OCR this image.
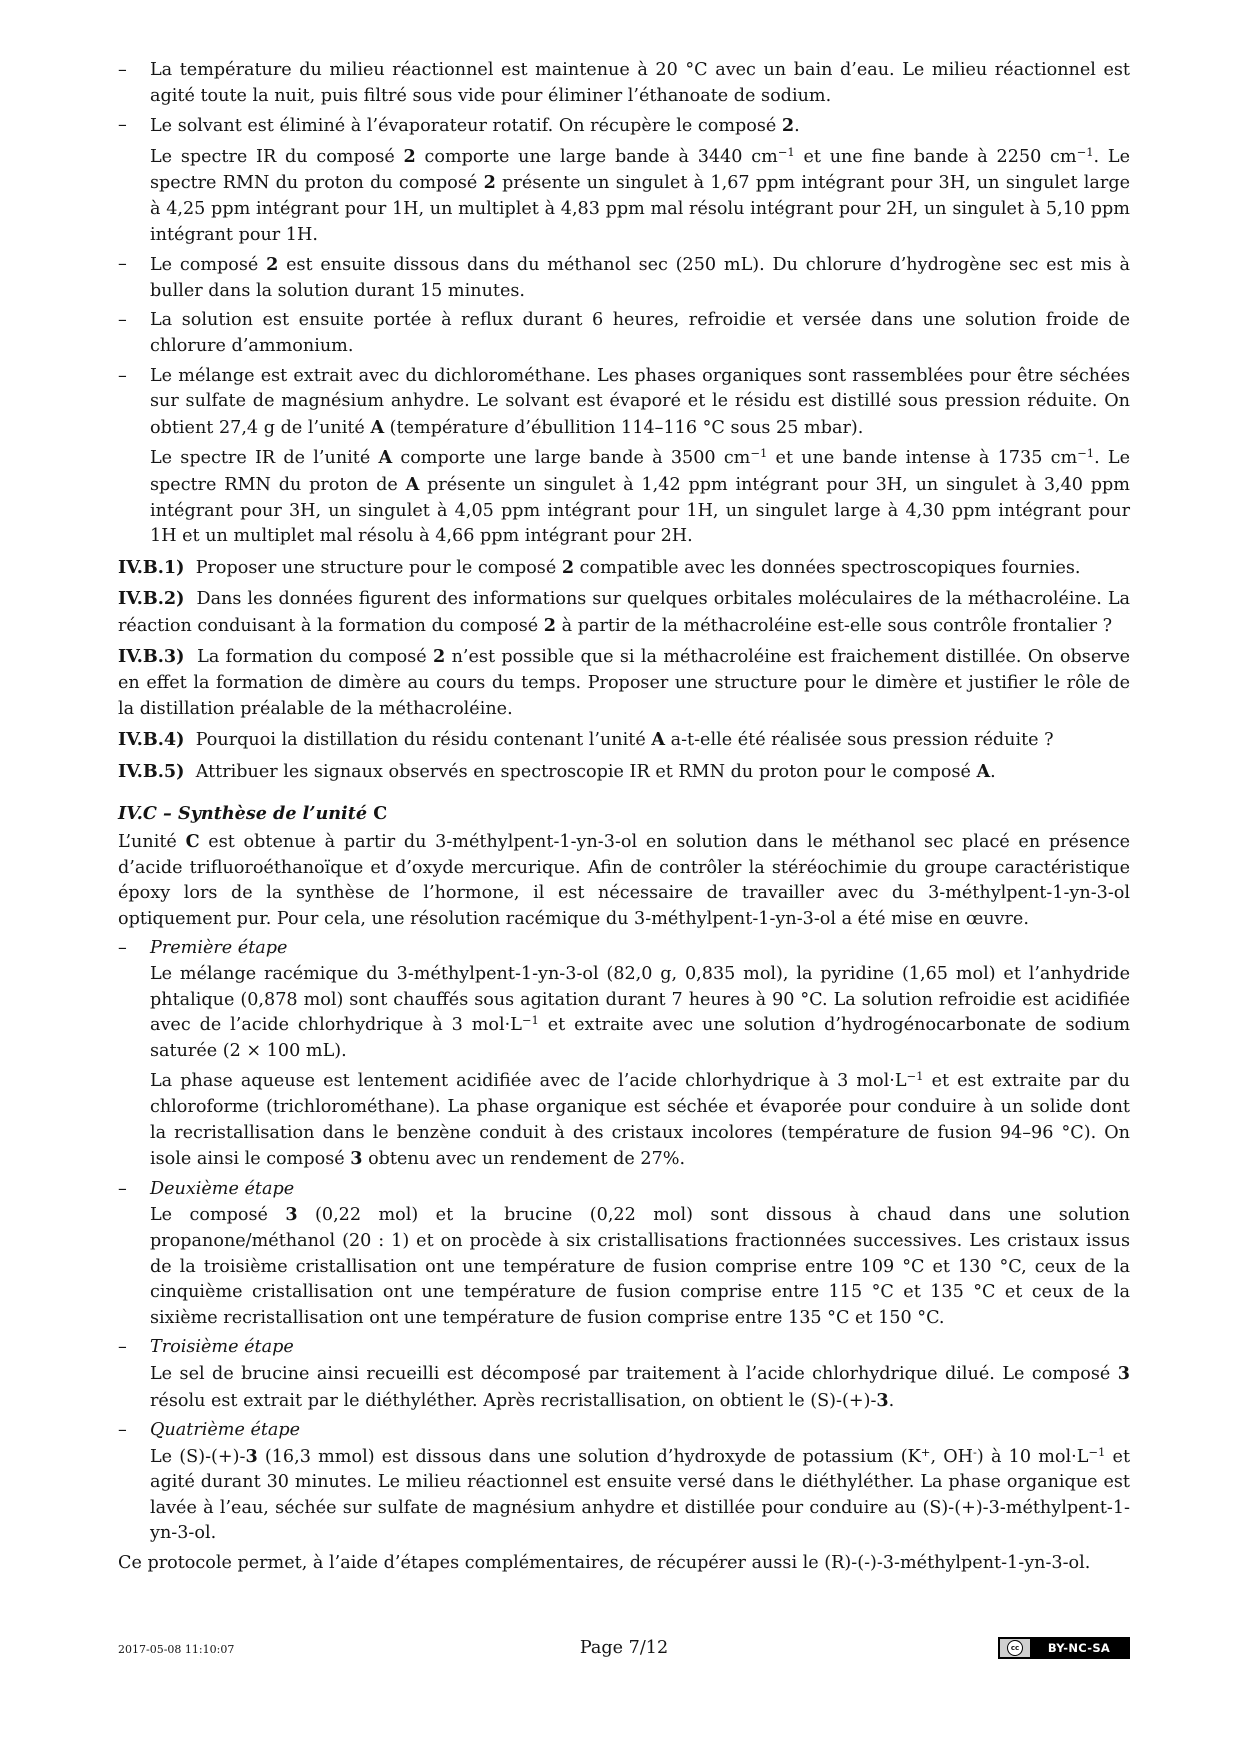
– La température du milieu réactionnel est maintenue à 20 °C avec un bain d’eau. Le milieu réactionnel est agité toute la nuit, puis filtré sous vide pour éliminer l’éthanoate de sodium.

– Le solvant est éliminé à l’évaporateur rotatif. On récupère le composé 2.

Le spectre IR du composé 2 comporte une large bande à 3440 $cm^{-1}$ et une fine bande à 2250 $cm^{-1}$. Le spectre RMN du proton du composé 2 présente un singulet à 1,67 ppm intégrant pour 3H, un singulet large à 4,25 ppm intégrant pour 1H, un multiplet à 4,83 ppm mal résolu intégrant pour 2H, un singulet à 5,10 ppm intégrant pour 1H.

– Le composé 2 est ensuite dissous dans du méthanol sec (250 mL). Du chlorure d’hydrogène sec est mis à buller dans la solution durant 15 minutes.

– La solution est ensuite portée à reflux durant 6 heures, refroidie et versée dans une solution froide de chlorure d’ammonium.

– Le mélange est extrait avec du dichlorométhane. Les phases organiques sont rassemblées pour être séchées sur sulfate de magnésium anhydre. Le solvant est évaporé et le résidu est distillé sous pression réduite. On obtient 27,4 g de l’unité A (température d’ébullition 114–116 °C sous 25 mbar).

Le spectre IR de l’unité A comporte une large bande à 3500 $cm^{-1}$ et une bande intense à 1735 $cm^{-1}$. Le spectre RMN du proton de A présente un singulet à 1,42 ppm intégrant pour 3H, un singulet à 3,40 ppm intégrant pour 3H, un singulet à 4,05 ppm intégrant pour 1H, un singulet large à 4,30 ppm intégrant pour 1H et un multiplet mal résolu à 4,66 ppm intégrant pour 2H.

IV.B.1) Proposer une structure pour le composé 2 compatible avec les données spectroscopiques fournies.

IV.B.2) Dans les données figurent des informations sur quelques orbitales moléculaires de la méthacroléine. La réaction conduisant à la formation du composé 2 à partir de la méthacroléine est-elle sous contrôle frontalier ?

IV.B.3) La formation du composé 2 n’est possible que si la méthacroléine est fraichement distillée. On observe en effet la formation de dimère au cours du temps. Proposer une structure pour le dimère et justifier le rôle de la distillation préalable de la méthacroléine.

IV.B.4) Pourquoi la distillation du résidu contenant l’unité A a-t-elle été réalisée sous pression réduite ?

IV.B.5) Attribuer les signaux observés en spectroscopie IR et RMN du proton pour le composé A.

IV.C – Synthèse de l’unité C

L’unité C est obtenue à partir du 3-méthylpent-1-yn-3-ol en solution dans le méthanol sec placé en présence d’acide trifluoroéthanoïque et d’oxyde mercurique. Afin de contrôler la stéréochimie du groupe caractéristique époxy lors de la synthèse de l’hormone, il est nécessaire de travailler avec du 3-méthylpent-1-yn-3-ol optiquement pur. Pour cela, une résolution racémique du 3-méthylpent-1-yn-3-ol a été mise en œuvre.

– Première étape

Le mélange racémique du 3-méthylpent-1-yn-3-ol (82,0 g, 0,835 mol), la pyridine (1,65 mol) et l’anhydride phtalique (0,878 mol) sont chauffés sous agitation durant 7 heures à 90 °C. La solution refroidie est acidifiée avec de l’acide chlorhydrique à 3 $mol\cdot L^{-1}$ et extraite avec une solution d’hydrogénocarbonate de sodium saturée (2 × 100 mL).

La phase aqueuse est lentement acidifiée avec de l’acide chlorhydrique à 3 $mol\cdot L^{-1}$ et est extraite par du chloroforme (trichlorométhane). La phase organique est séchée et évaporée pour conduire à un solide dont la recristallisation dans le benzène conduit à des cristaux incolores (température de fusion 94–96 °C). On isole ainsi le composé 3 obtenu avec un rendement de 27%.

– Deuxième étape

Le composé 3 (0,22 mol) et la brucine (0,22 mol) sont dissous à chaud dans une solution propanone/méthanol (20 : 1) et on procède à six cristallisations fractionnées successives. Les cristaux issus de la troisième cristallisation ont une température de fusion comprise entre 109 °C et 130 °C, ceux de la cinquième cristallisation ont une température de fusion comprise entre 115 °C et 135 °C et ceux de la sixième recristallisation ont une température de fusion comprise entre 135 °C et 150 °C.

– Troisième étape

Le sel de brucine ainsi recueilli est décomposé par traitement à l’acide chlorhydrique dilué. Le composé 3 résolu est extrait par le diéthyléther. Après recristallisation, on obtient le (S)-(+)-3.

– Quatrième étape

Le (S)-(+)-3 (16,3 mmol) est dissous dans une solution d’hydroxyde de potassium (K+, OH-) à 10 $mol\cdot L^{-1}$ et agité durant 30 minutes. Le milieu réactionnel est ensuite versé dans le diéthyléther. La phase organique est lavée à l’eau, séchée sur sulfate de magnésium anhydre et distillée pour conduire au (S)-(+)-3-méthylpent-1-yn-3-ol.

Ce protocole permet, à l’aide d’étapes complémentaires, de récupérer aussi le (R)-(-)-3-méthylpent-1-yn-3-ol.

2017-05-08 11:10:07	Page 7/12	cc	BY-NC-SA
